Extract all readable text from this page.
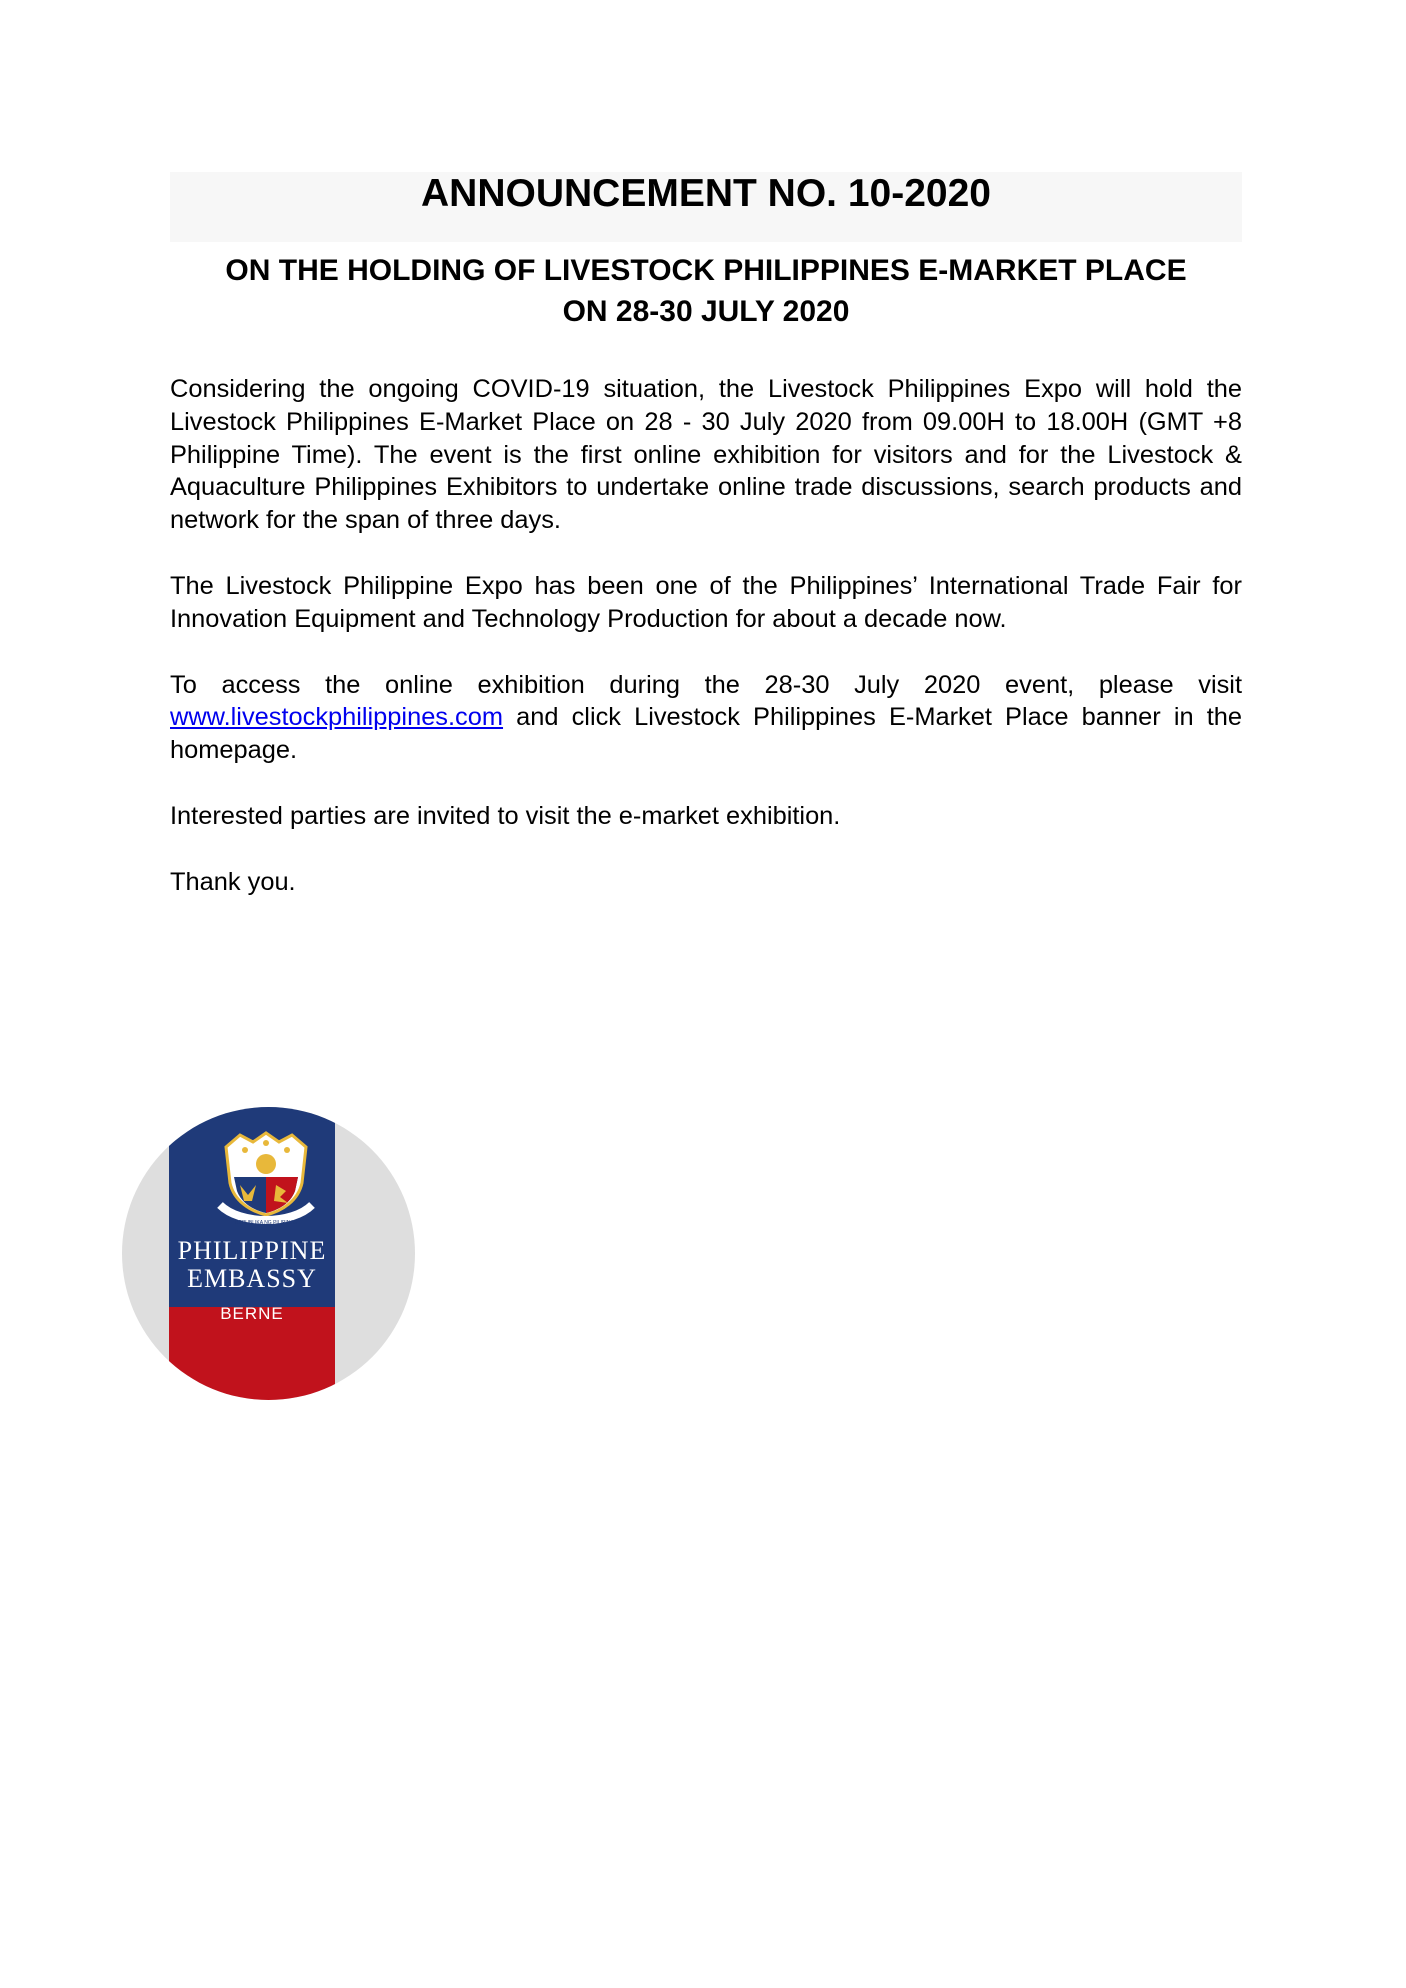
ANNOUNCEMENT NO. 10-2020
ON THE HOLDING OF LIVESTOCK PHILIPPINES E-MARKET PLACE
ON 28-30 JULY 2020

Considering the ongoing COVID-19 situation, the Livestock Philippines Expo will hold the Livestock Philippines E-Market Place on 28 - 30 July 2020 from 09.00H to 18.00H (GMT +8 Philippine Time). The event is the first online exhibition for visitors and for the Livestock & Aquaculture Philippines Exhibitors to undertake online trade discussions, search products and network for the span of three days.

The Livestock Philippine Expo has been one of the Philippines’ International Trade Fair for Innovation Equipment and Technology Production for about a decade now.

To access the online exhibition during the 28-30 July 2020 event, please visit www.livestockphilippines.com and click Livestock Philippines E-Market Place banner in the homepage.

Interested parties are invited to visit the e-market exhibition.

Thank you.

REPUBLIKA NG PILIPINAS
PHILIPPINE
EMBASSY
BERNE
